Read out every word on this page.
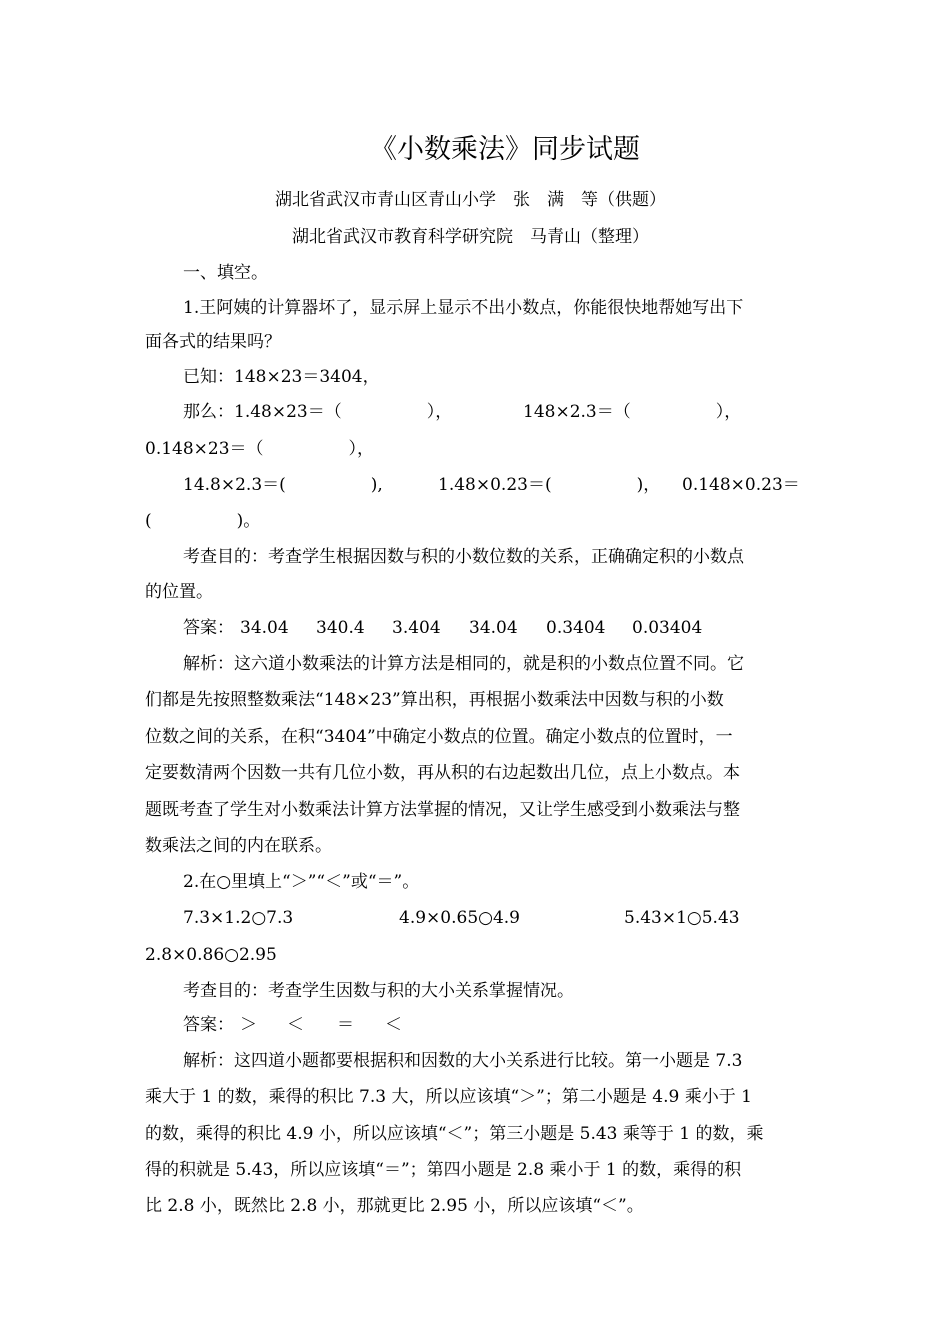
《小数乘法》同步试题
湖北省武汉市青山区青山小学　张　满　等（供题）
湖北省武汉市教育科学研究院　马青山（整理）
一、填空。
1.王阿姨的计算器坏了，显示屏上显示不出小数点，你能很快地帮她写出下
面各式的结果吗？
已知：148×23＝3404，
那么：1.48×23＝（　　　　　），	148×2.3＝（　　　　　），
0.148×23＝（　　　　　），
14.8×2.3＝(　　　　　),	1.48×0.23＝(　　　　　)， 0.148×0.23＝
(　　　　　)。
考查目的：考查学生根据因数与积的小数位数的关系，正确确定积的小数点
的位置。
答案： 34.04 340.4 3.404 34.04 0.3404 0.03404
解析：这六道小数乘法的计算方法是相同的，就是积的小数点位置不同。它
们都是先按照整数乘法“148×23”算出积，再根据小数乘法中因数与积的小数
位数之间的关系，在积“3404”中确定小数点的位置。确定小数点的位置时，一
定要数清两个因数一共有几位小数，再从积的右边起数出几位，点上小数点。本
题既考查了学生对小数乘法计算方法掌握的情况，又让学生感受到小数乘法与整
数乘法之间的内在联系。
2.在○里填上“＞”“＜”或“＝”。
7.3×1.2○7.3	4.9×0.65○4.9	5.43×1○5.43
2.8×0.86○2.95
考查目的：考查学生因数与积的大小关系掌握情况。
答案： ＞ ＜ ＝ ＜
解析：这四道小题都要根据积和因数的大小关系进行比较。第一小题是 7.3
乘大于 1 的数，乘得的积比 7.3 大，所以应该填“＞”；第二小题是 4.9 乘小于 1
的数，乘得的积比 4.9 小，所以应该填“＜”；第三小题是 5.43 乘等于 1 的数，乘
得的积就是 5.43，所以应该填“＝”；第四小题是 2.8 乘小于 1 的数，乘得的积
比 2.8 小，既然比 2.8 小，那就更比 2.95 小，所以应该填“＜”。
